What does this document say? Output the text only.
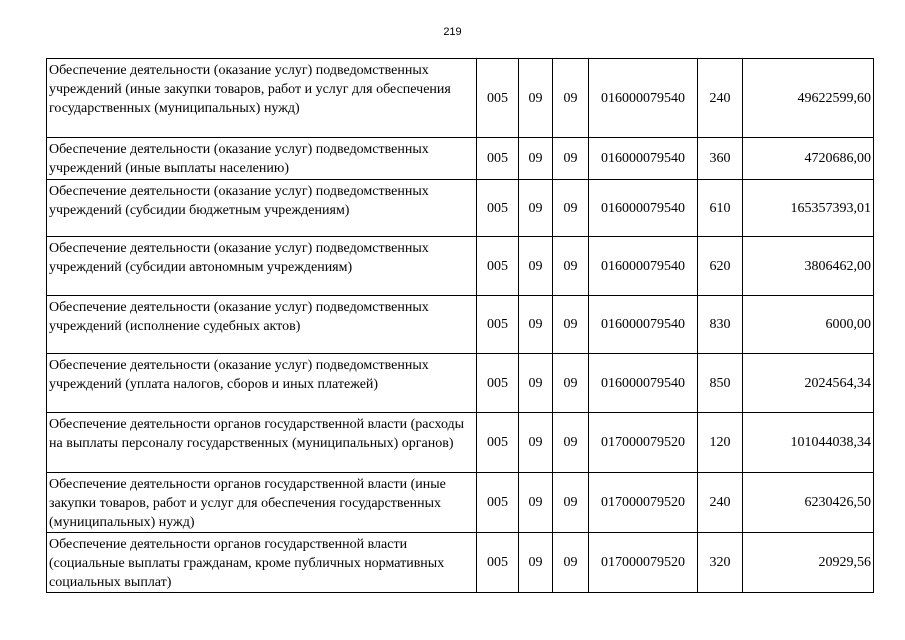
219
Обеспечение деятельности (оказание услуг) подведомственных учреждений (иные закупки товаров, работ и услуг для обеспечения государственных (муниципальных) нужд)	005	09	09	016000079540	240	49622599,60
Обеспечение деятельности (оказание услуг) подведомственных учреждений (иные выплаты населению)	005	09	09	016000079540	360	4720686,00
Обеспечение деятельности (оказание услуг) подведомственных учреждений (субсидии бюджетным учреждениям)	005	09	09	016000079540	610	165357393,01
Обеспечение деятельности (оказание услуг) подведомственных учреждений (субсидии автономным учреждениям)	005	09	09	016000079540	620	3806462,00
Обеспечение деятельности (оказание услуг) подведомственных учреждений (исполнение судебных актов)	005	09	09	016000079540	830	6000,00
Обеспечение деятельности (оказание услуг) подведомственных учреждений (уплата налогов, сборов и иных платежей)	005	09	09	016000079540	850	2024564,34
Обеспечение деятельности органов государственной власти (расходы на выплаты персоналу государственных (муниципальных) органов)	005	09	09	017000079520	120	101044038,34
Обеспечение деятельности органов государственной власти (иные закупки товаров, работ и услуг для обеспечения государственных (муниципальных) нужд)	005	09	09	017000079520	240	6230426,50
Обеспечение деятельности органов государственной власти (социальные выплаты гражданам, кроме публичных нормативных социальных выплат)	005	09	09	017000079520	320	20929,56
